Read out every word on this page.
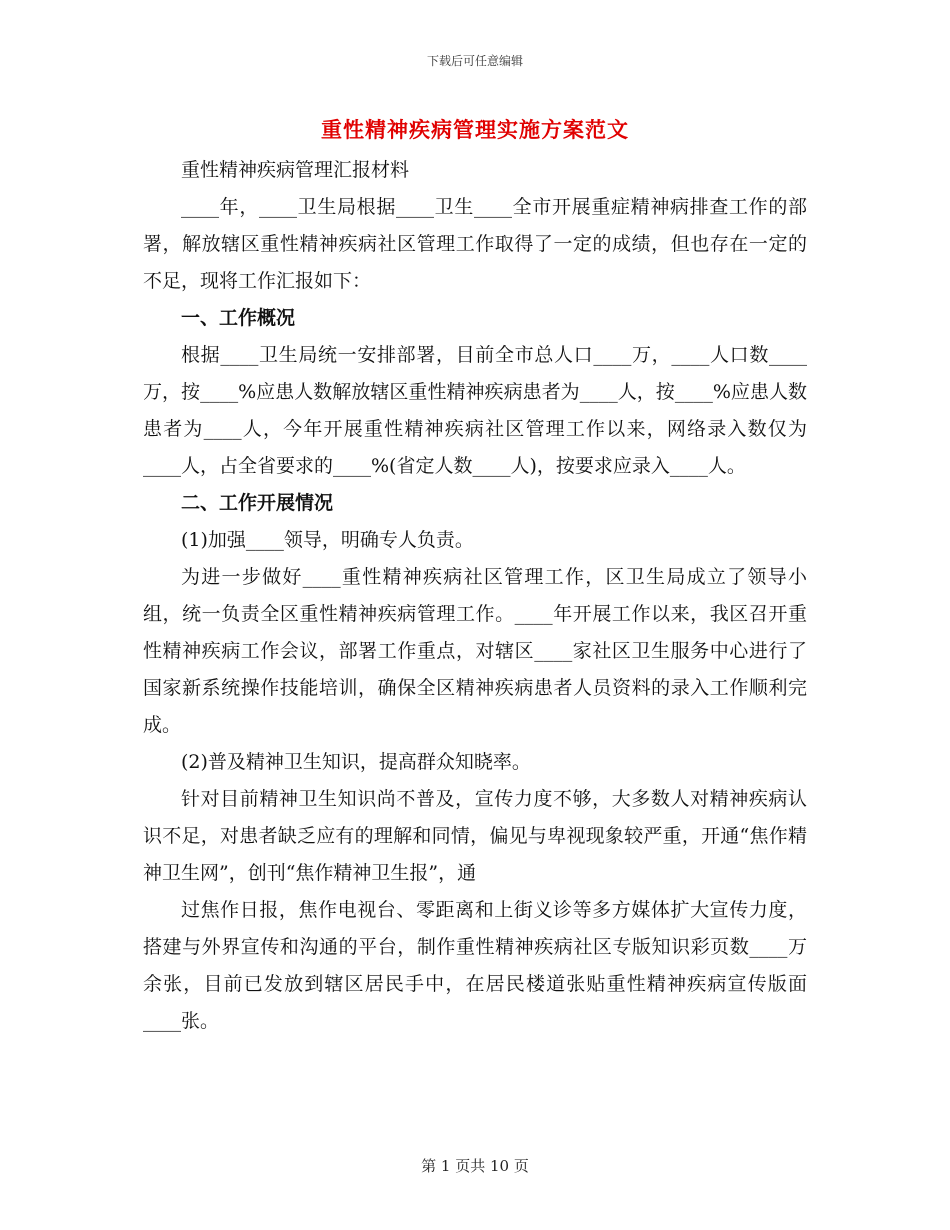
下载后可任意编辑
重性精神疾病管理实施方案范文

重性精神疾病管理汇报材料

____年，____卫生局根据____卫生____全市开展重症精神病排查工作的部署，解放辖区重性精神疾病社区管理工作取得了一定的成绩，但也存在一定的不足，现将工作汇报如下：

一、工作概况

根据____卫生局统一安排部署，目前全市总人口____万，____人口数____万，按____%应患人数解放辖区重性精神疾病患者为____人，按____%应患人数患者为____人，今年开展重性精神疾病社区管理工作以来，网络录入数仅为____人，占全省要求的____%(省定人数____人)，按要求应录入____人。

二、工作开展情况

(1)加强____领导，明确专人负责。

为进一步做好____重性精神疾病社区管理工作，区卫生局成立了领导小组，统一负责全区重性精神疾病管理工作。____年开展工作以来，我区召开重性精神疾病工作会议，部署工作重点，对辖区____家社区卫生服务中心进行了国家新系统操作技能培训，确保全区精神疾病患者人员资料的录入工作顺利完成。

(2)普及精神卫生知识，提高群众知晓率。

针对目前精神卫生知识尚不普及，宣传力度不够，大多数人对精神疾病认识不足，对患者缺乏应有的理解和同情，偏见与卑视现象较严重，开通“焦作精神卫生网”，创刊“焦作精神卫生报”，通

过焦作日报，焦作电视台、零距离和上街义诊等多方媒体扩大宣传力度，搭建与外界宣传和沟通的平台，制作重性精神疾病社区专版知识彩页数____万余张，目前已发放到辖区居民手中，在居民楼道张贴重性精神疾病宣传版面____张。

第 1 页共 10 页
